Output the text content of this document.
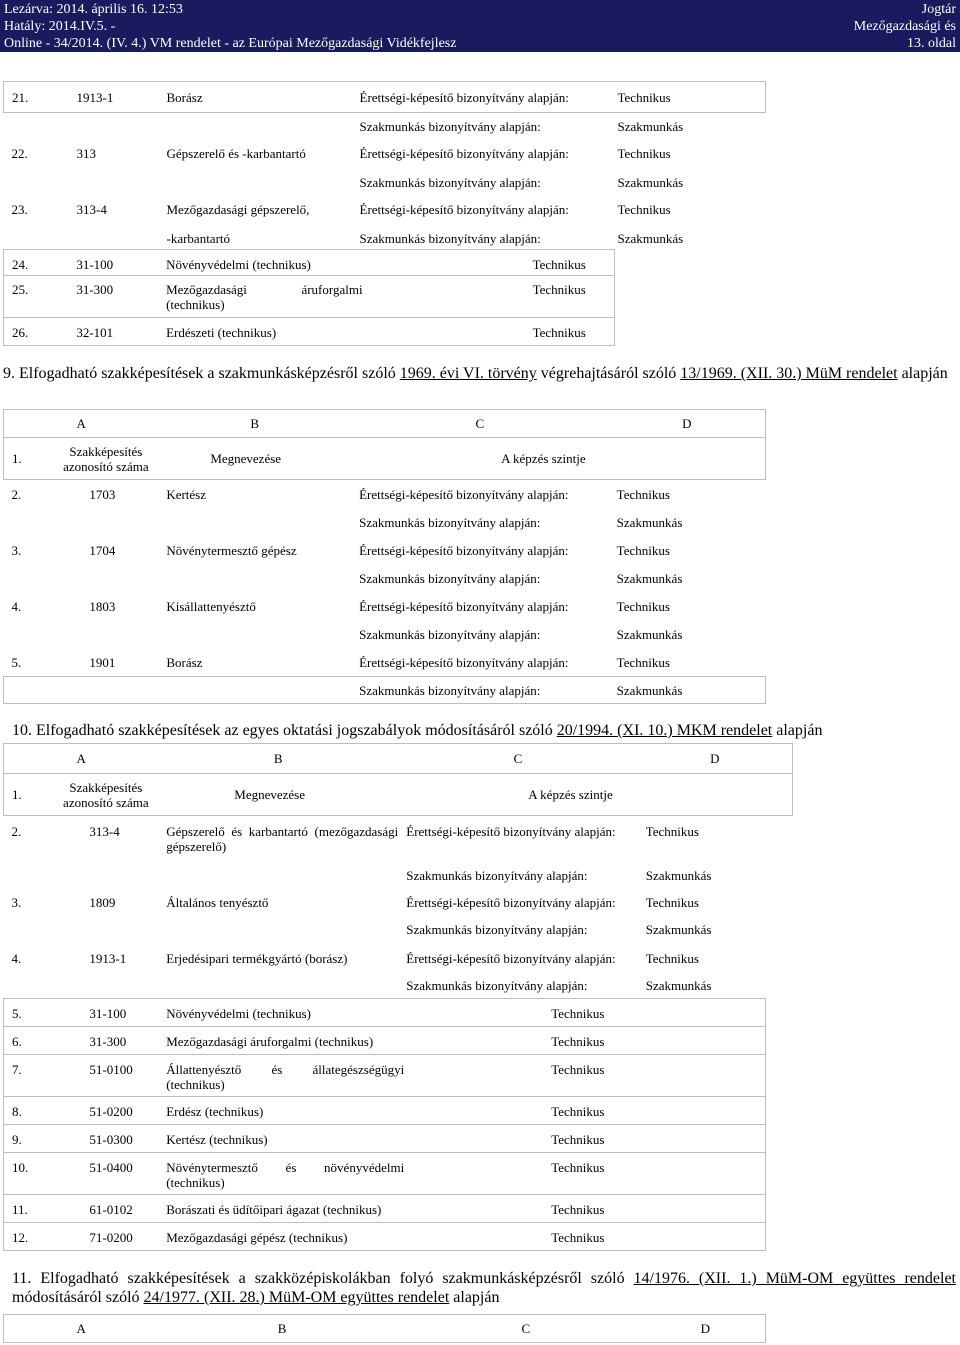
Lezárva: 2014. április 16. 12:53
Hatály: 2014.IV.5. -
Online - 34/2014. (IV. 4.) VM rendelet - az Európai Mezőgazdasági Vidékfejlesz
Jogtár
Mezőgazdasági és
13. oldal
21.	1913-1	Borász	Érettségi-képesítő bizonyítvány alapján:	Technikus
			Szakmunkás bizonyítvány alapján:	Szakmunkás
22.	313	Gépszerelő és -karbantartó	Érettségi-képesítő bizonyítvány alapján:	Technikus
			Szakmunkás bizonyítvány alapján:	Szakmunkás
23.	313-4	Mezőgazdasági gépszerelő,	Érettségi-képesítő bizonyítvány alapján:	Technikus
		-karbantartó	Szakmunkás bizonyítvány alapján:	Szakmunkás
24.	31-100	Növényvédelmi (technikus)	Technikus
25.	31-300	Mezőgazdasági áruforgalmi (technikus)	Technikus
26.	32-101	Erdészeti (technikus)	Technikus
9. Elfogadható szakképesítések a szakmunkásképzésről szóló 1969. évi VI. törvény végrehajtásáról szóló 13/1969. (XII. 30.) MüM rendelet alapján
A		B	C	D
1.	Szakképesítés azonosító száma	Megnevezése	A képzés szintje	
2.	1703	Kertész	Érettségi-képesítő bizonyítvány alapján:	Technikus
			Szakmunkás bizonyítvány alapján:	Szakmunkás
3.	1704	Növénytermesztő gépész	Érettségi-képesítő bizonyítvány alapján:	Technikus
			Szakmunkás bizonyítvány alapján:	Szakmunkás
4.	1803	Kisállattenyésztő	Érettségi-képesítő bizonyítvány alapján:	Technikus
			Szakmunkás bizonyítvány alapján:	Szakmunkás
5.	1901	Borász	Érettségi-képesítő bizonyítvány alapján:	Technikus
			Szakmunkás bizonyítvány alapján:	Szakmunkás
10. Elfogadható szakképesítések az egyes oktatási jogszabályok módosításáról szóló 20/1994. (XI. 10.) MKM rendelet alapján
A		B	C	D
1.	Szakképesítés azonosító száma	Megnevezése	A képzés szintje	
2.	313-4	Gépszerelő és karbantartó (mezőgazdasági gépszerelő)	Érettségi-képesítő bizonyítvány alapján:	Technikus
			Szakmunkás bizonyítvány alapján:	Szakmunkás
3.	1809	Általános tenyésztő	Érettségi-képesítő bizonyítvány alapján:	Technikus
			Szakmunkás bizonyítvány alapján:	Szakmunkás
4.	1913-1	Erjedésipari termékgyártó (borász)	Érettségi-képesítő bizonyítvány alapján:	Technikus
			Szakmunkás bizonyítvány alapján:	Szakmunkás
5.	31-100	Növényvédelmi (technikus)	Technikus
6.	31-300	Mezőgazdasági áruforgalmi (technikus)	Technikus
7.	51-0100	Állattenyésztő és állategészségügyi (technikus)	Technikus
8.	51-0200	Erdész (technikus)	Technikus
9.	51-0300	Kertész (technikus)	Technikus
10.	51-0400	Növénytermesztő és növényvédelmi (technikus)	Technikus
11.	61-0102	Borászati és üdítőipari ágazat (technikus)	Technikus
12.	71-0200	Mezőgazdasági gépész (technikus)	Technikus
11. Elfogadható szakképesítések a szakközépiskolákban folyó szakmunkásképzésről szóló 14/1976. (XII. 1.) MüM-OM együttes rendelet módosításáról szóló 24/1977. (XII. 28.) MüM-OM együttes rendelet alapján
A	B	C	D
